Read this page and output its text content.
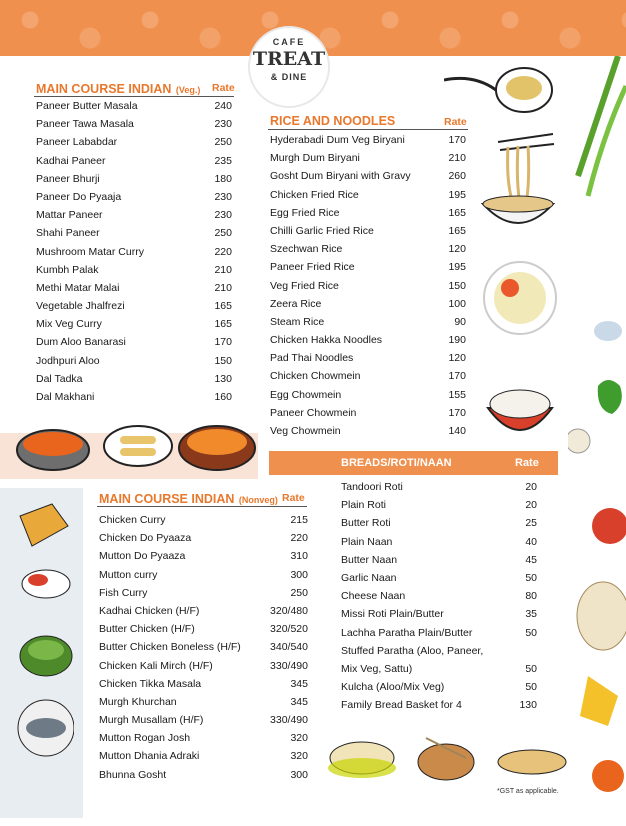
CAFE
TREAT
& DINE
MAIN COURSE INDIAN (Veg.) Rate
Paneer Butter Masala	240
Paneer Tawa Masala	230
Paneer Lababdar	250
Kadhai Paneer	235
Paneer Bhurji	180
Paneer Do Pyaaja	230
Mattar Paneer	230
Shahi Paneer	250
Mushroom Matar Curry	220
Kumbh Palak	210
Methi Matar Malai	210
Vegetable Jhalfrezi	165
Mix Veg Curry	165
Dum Aloo Banarasi	170
Jodhpuri Aloo	150
Dal Tadka	130
Dal Makhani	160
RICE AND NOODLES	Rate
Hyderabadi Dum Veg Biryani	170
Murgh Dum Biryani	210
Gosht Dum Biryani with Gravy	260
Chicken Fried Rice	195
Egg Fried Rice	165
Chilli Garlic Fried Rice	165
Szechwan Rice	120
Paneer Fried Rice	195
Veg Fried Rice	150
Zeera Rice	100
Steam Rice	90
Chicken Hakka Noodles	190
Pad Thai Noodles	120
Chicken Chowmein	170
Egg Chowmein	155
Paneer Chowmein	170
Veg Chowmein	140
BREADS/ROTI/NAAN	Rate
Tandoori Roti	20
Plain Roti	20
Butter Roti	25
Plain Naan	40
Butter Naan	45
Garlic Naan	50
Cheese Naan	80
Missi Roti Plain/Butter	35
Lachha Paratha Plain/Butter	50
Stuffed Paratha (Aloo, Paneer,
Mix Veg, Sattu)	50
Kulcha (Aloo/Mix Veg)	50
Family Bread Basket for 4	130
MAIN COURSE INDIAN (Nonveg) Rate
Chicken Curry	215
Chicken Do Pyaaza	220
Mutton Do Pyaaza	310
Mutton curry	300
Fish Curry	250
Kadhai Chicken (H/F)	320/480
Butter Chicken (H/F)	320/520
Butter Chicken Boneless (H/F)	340/540
Chicken Kali Mirch (H/F)	330/490
Chicken Tikka Masala	345
Murgh Khurchan	345
Murgh Musallam (H/F)	330/490
Mutton Rogan Josh	320
Mutton Dhania Adraki	320
Bhunna Gosht	300
*GST as applicable.
